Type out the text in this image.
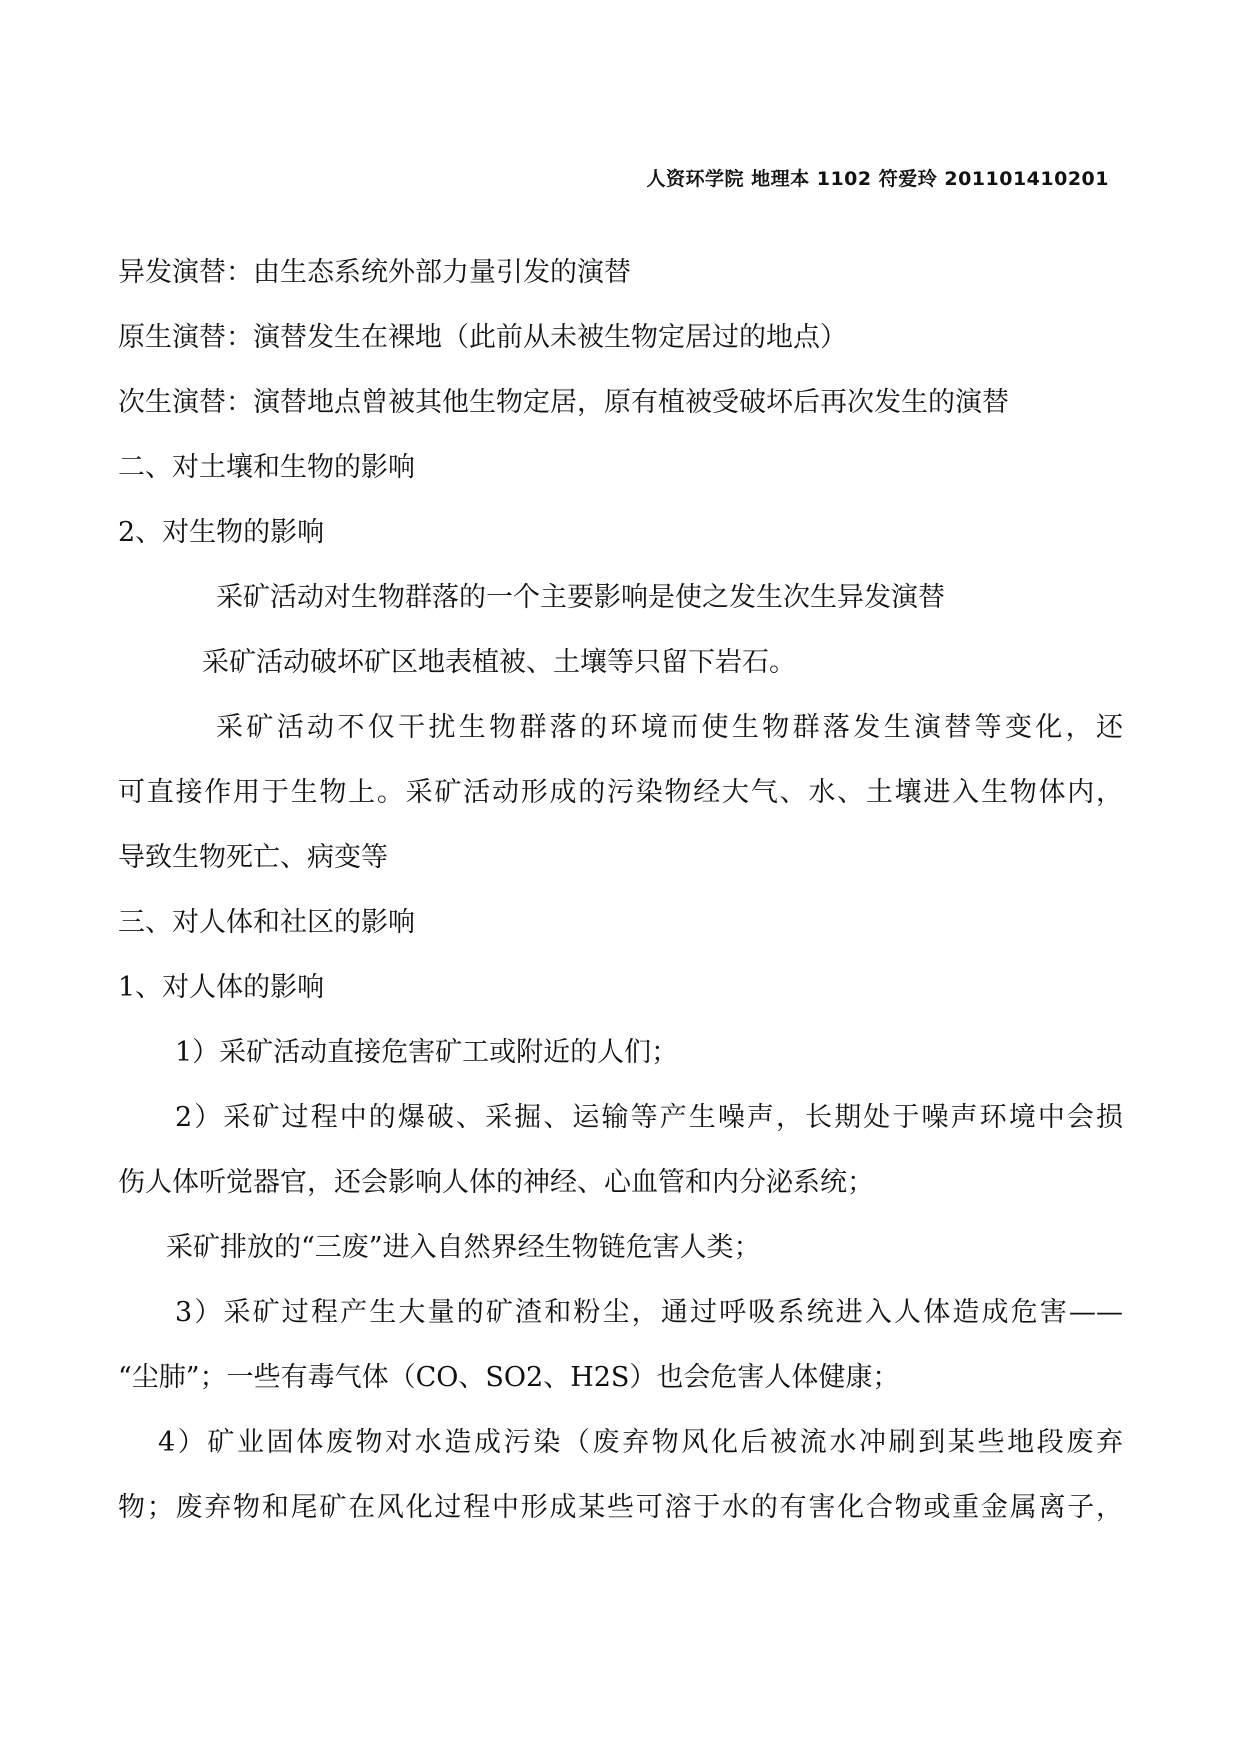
人资环学院 地理本 1102 符爱玲 201101410201
异发演替：由生态系统外部力量引发的演替
原生演替：演替发生在裸地（此前从未被生物定居过的地点）
次生演替：演替地点曾被其他生物定居，原有植被受破坏后再次发生的演替
二、对土壤和生物的影响
2、对生物的影响
采矿活动对生物群落的一个主要影响是使之发生次生异发演替
采矿活动破坏矿区地表植被、土壤等只留下岩石。
采矿活动不仅干扰生物群落的环境而使生物群落发生演替等变化，还
可直接作用于生物上。采矿活动形成的污染物经大气、水、土壤进入生物体内，
导致生物死亡、病变等
三、对人体和社区的影响
1、对人体的影响
1）采矿活动直接危害矿工或附近的人们；
2）采矿过程中的爆破、采掘、运输等产生噪声，长期处于噪声环境中会损
伤人体听觉器官，还会影响人体的神经、心血管和内分泌系统；
采矿排放的“三废”进入自然界经生物链危害人类；
3）采矿过程产生大量的矿渣和粉尘，通过呼吸系统进入人体造成危害——
“尘肺”；一些有毒气体（CO、SO2、H2S）也会危害人体健康；
4）矿业固体废物对水造成污染（废弃物风化后被流水冲刷到某些地段废弃
物；废弃物和尾矿在风化过程中形成某些可溶于水的有害化合物或重金属离子，
